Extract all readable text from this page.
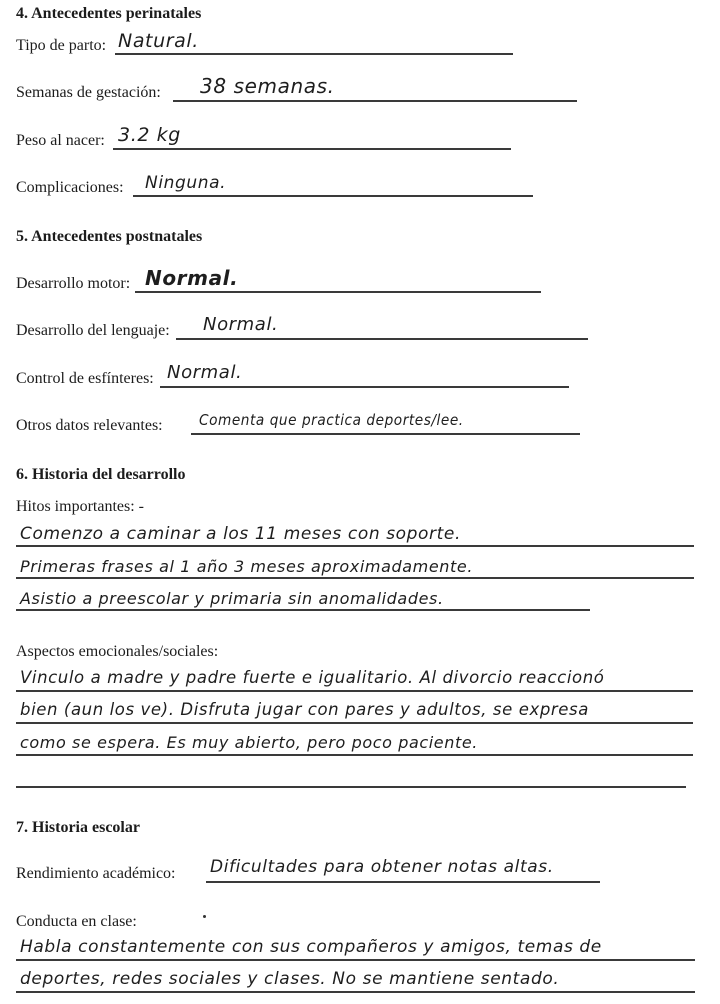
4. Antecedentes perinatales
Tipo de parto: Natural.
Semanas de gestación: 38 semanas.
Peso al nacer: 3.2 kg
Complicaciones: Ninguna.
5. Antecedentes postnatales
Desarrollo motor: Normal.
Desarrollo del lenguaje: Normal.
Control de esfínteres: Normal.
Otros datos relevantes: Comenta que practica deportes/lee.
6. Historia del desarrollo
Hitos importantes: -
Comenzo a caminar a los 11 meses con soporte.
Primeras frases al 1 año 3 meses aproximadamente.
Asistio a preescolar y primaria sin anomalidades.
Aspectos emocionales/sociales:
Vinculo a madre y padre fuerte e igualitario. Al divorcio reaccionó
bien (aun los ve). Disfruta jugar con pares y adultos, se expresa
como se espera. Es muy abierto, pero poco paciente.
7. Historia escolar
Rendimiento académico: Dificultades para obtener notas altas.
Conducta en clase:
Habla constantemente con sus compañeros y amigos, temas de
deportes, redes sociales y clases. No se mantiene sentado.
